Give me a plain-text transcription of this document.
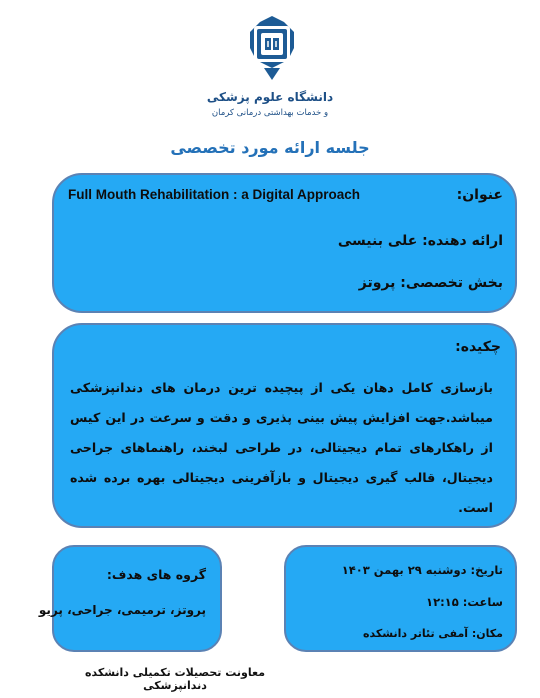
دانشگاه علوم پزشکی
و خدمات بهداشتی درمانی کرمان
جلسه ارائه مورد تخصصی
عنوان:
Full Mouth Rehabilitation : a Digital Approach
ارائه دهنده: علی بنیسی
بخش تخصصی: پروتز
چکیده:
بازسازی کامل دهان یکی از پیچیده ترین درمان های دندانپزشکی میباشد.جهت افزایش پیش بینی پذیری و دقت و سرعت در این کیس از راهکارهای تمام دیجیتالی، در طراحی لبخند، راهنماهای جراحی دیجیتال، قالب گیری دیجیتال و بازآفرینی دیجیتالی بهره برده شده است.
گروه های هدف:
پروتز، ترمیمی، جراحی، پریو
تاریخ: دوشنبه ۲۹ بهمن ۱۴۰۳
ساعت: ۱۲:۱۵
مکان: آمفی تئاتر دانشکده
معاونت تحصیلات تکمیلی دانشکده دندانپزشکی
